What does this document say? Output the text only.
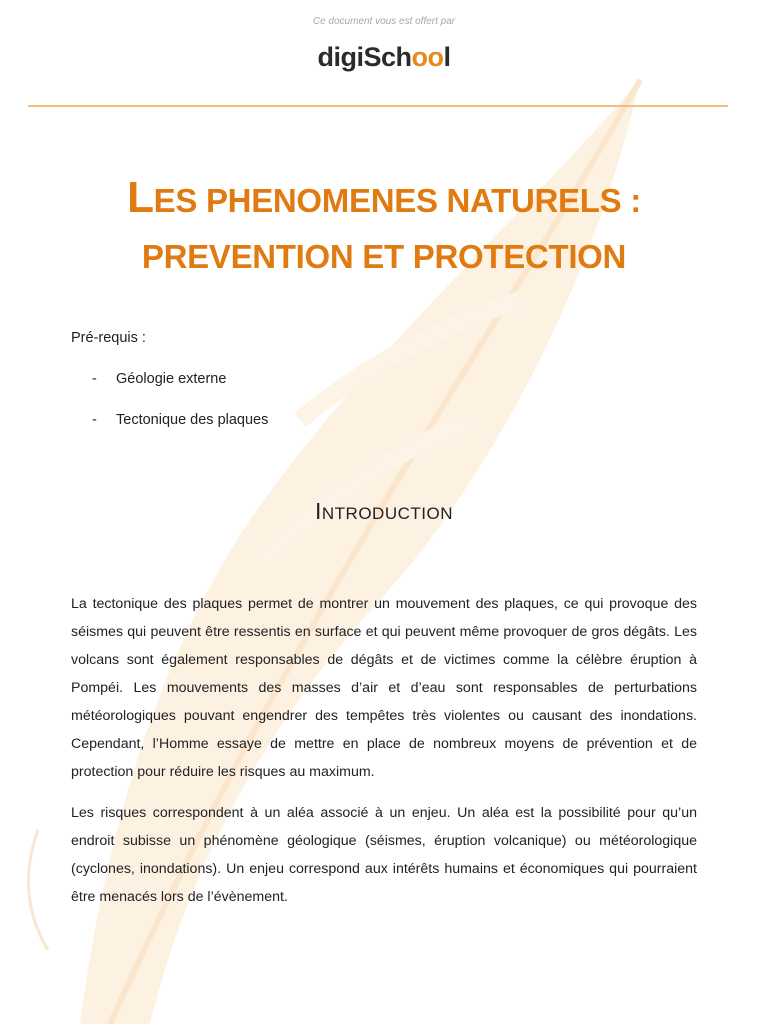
Ce document vous est offert par
digiSchool
LES PHENOMENES NATURELS :
PREVENTION ET PROTECTION
Pré-requis :
- Géologie externe
- Tectonique des plaques
INTRODUCTION

La tectonique des plaques permet de montrer un mouvement des plaques, ce qui provoque des séismes qui peuvent être ressentis en surface et qui peuvent même provoquer de gros dégâts. Les volcans sont également responsables de dégâts et de victimes comme la célèbre éruption à Pompéi. Les mouvements des masses d’air et d’eau sont responsables de perturbations météorologiques pouvant engendrer des tempêtes très violentes ou causant des inondations. Cependant, l’Homme essaye de mettre en place de nombreux moyens de prévention et de protection pour réduire les risques au maximum.

Les risques correspondent à un aléa associé à un enjeu. Un aléa est la possibilité pour qu’un endroit subisse un phénomène géologique (séismes, éruption volcanique) ou météorologique (cyclones, inondations). Un enjeu correspond aux intérêts humains et économiques qui pourraient être menacés lors de l’évènement.
